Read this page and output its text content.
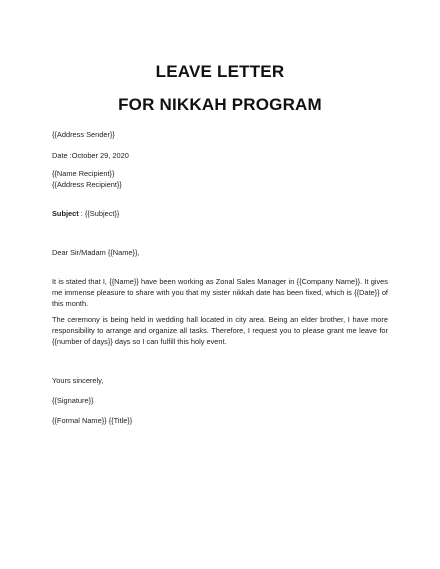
LEAVE LETTER
FOR NIKKAH PROGRAM
{{Address Sender}}
Date :October 29, 2020
{{Name Recipient}}
{{Address Recipient}}
Subject : {{Subject}}
Dear Sir/Madam {{Name}},
It is stated that I, {{Name}} have been working as Zonal Sales Manager in {{Company Name}}. It gives me immense pleasure to share with you that my sister nikkah date has been fixed, which is {{Date}} of this month.
The ceremony is being held in wedding hall located in city area. Being an elder brother, I have more responsibility to arrange and organize all tasks. Therefore, I request you to please grant me leave for {{number of days}} days so I can fulfill this holy event.
Yours sincerely,
{{Signature}}
{{Formal Name}} {{Title}}
